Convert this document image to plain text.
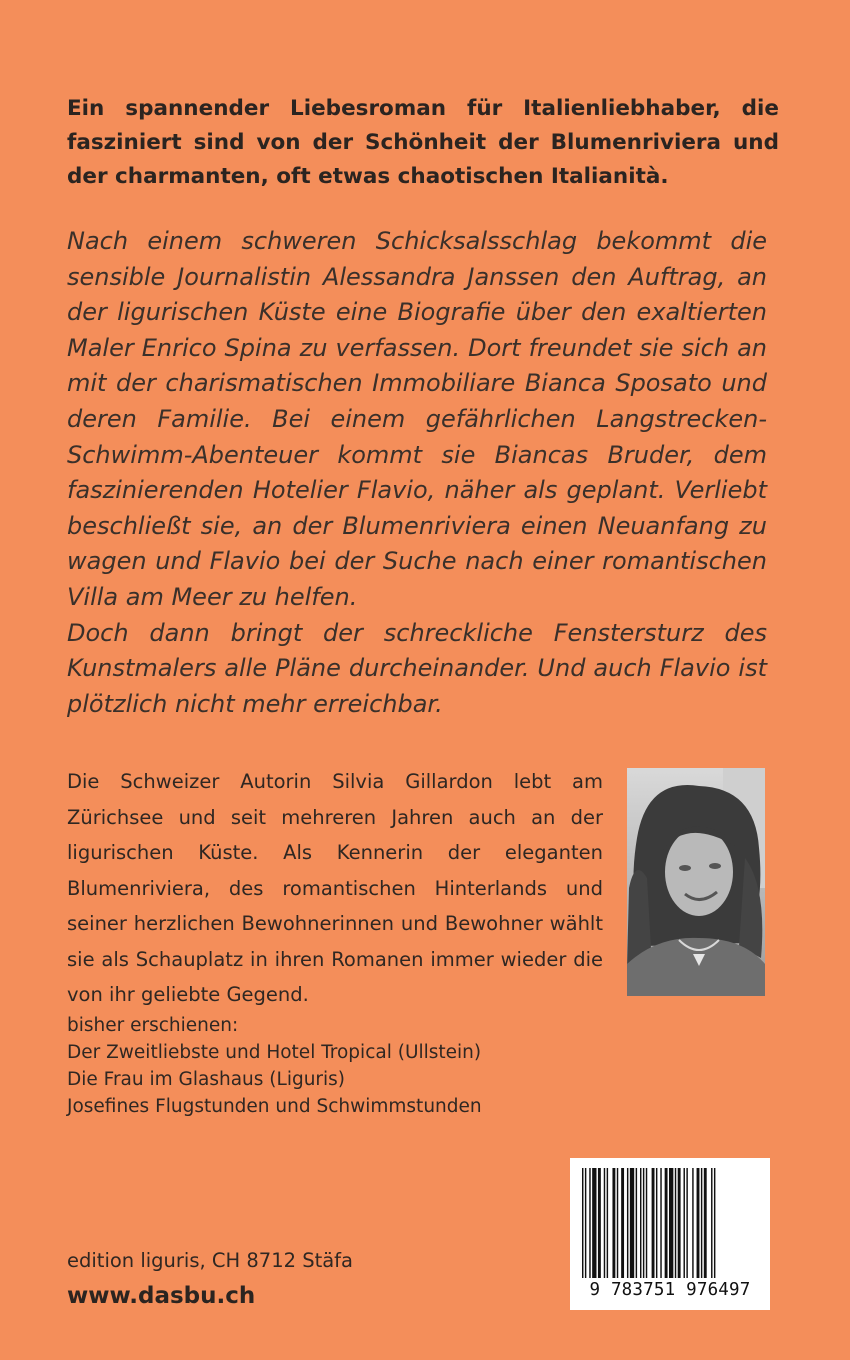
Ein spannender Liebesroman für Italienliebhaber, die fasziniert sind von der Schönheit der Blumenriviera und der charmanten, oft etwas chaotischen Italianità.

Nach einem schweren Schicksalsschlag bekommt die sensible Journalistin Alessandra Janssen den Auftrag, an der ligurischen Küste eine Biografie über den exaltierten Maler Enrico Spina zu verfassen. Dort freundet sie sich an mit der charismatischen Immobiliare Bianca Sposato und deren Familie. Bei einem gefährlichen Langstrecken-Schwimm-Abenteuer kommt sie Biancas Bruder, dem faszinierenden Hotelier Flavio, näher als geplant. Verliebt beschließt sie, an der Blumenriviera einen Neuanfang zu wagen und Flavio bei der Suche nach einer romantischen Villa am Meer zu helfen.

Doch dann bringt der schreckliche Fenstersturz des Kunstmalers alle Pläne durcheinander. Und auch Flavio ist plötzlich nicht mehr erreichbar.

Die Schweizer Autorin Silvia Gillardon lebt am Zürichsee und seit mehreren Jahren auch an der ligurischen Küste. Als Kennerin der eleganten Blumenriviera, des romantischen Hinterlands und seiner herzlichen Bewohnerinnen und Bewohner wählt sie als Schauplatz in ihren Romanen immer wieder die von ihr geliebte Gegend.
bisher erschienen:
Der Zweitliebste und Hotel Tropical (Ullstein)
Die Frau im Glashaus (Liguris)
Josefines Flugstunden und Schwimmstunden
edition liguris, CH 8712 Stäfa
www.dasbu.ch	9 783751 976497
